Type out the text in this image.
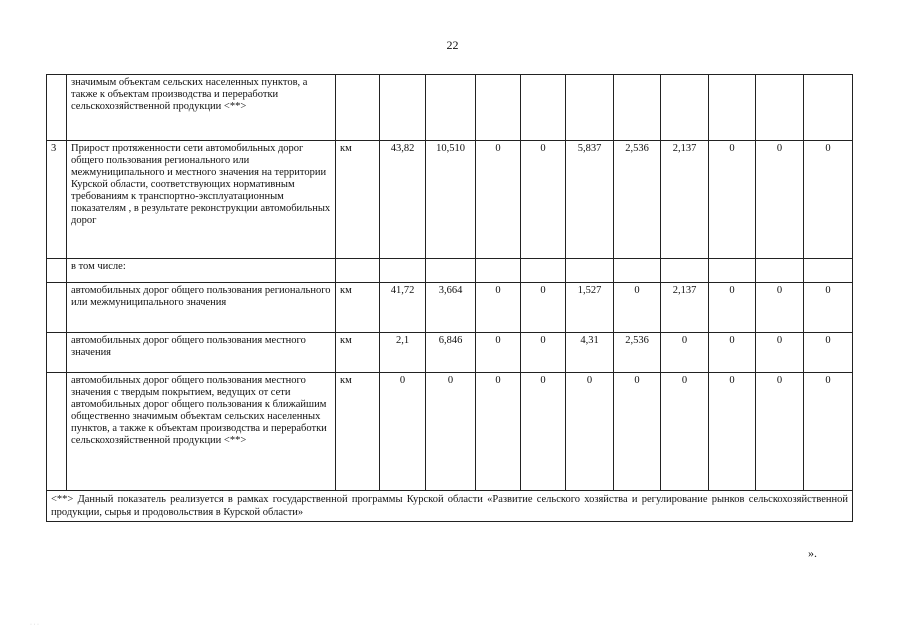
22
	значимым объектам сельских населенных пунктов, а также к объектам производства и переработки сельскохозяйственной продукции <**>											
3	Прирост протяженности сети автомобильных дорог общего пользования регионального или межмуниципального и местного значения на территории Курской области, соответствующих нормативным требованиям к транспортно-эксплуатационным показателям , в результате реконструкции автомобильных дорог	км	43,82	10,510	0	0	5,837	2,536	2,137	0	0	0
	в том числе:											
	автомобильных дорог общего пользования регионального или межмуниципального значения	км	41,72	3,664	0	0	1,527	0	2,137	0	0	0
	автомобильных дорог общего пользования местного значения	км	2,1	6,846	0	0	4,31	2,536	0	0	0	0
	автомобильных дорог общего пользования местного значения с твердым покрытием, ведущих от сети автомобильных дорог общего пользования к ближайшим общественно значимым объектам сельских населенных пунктов, а также к объектам производства и переработки сельскохозяйственной продукции <**>	км	0	0	0	0	0	0	0	0	0	0
<**> Данный показатель реализуется в рамках государственной программы Курской области «Развитие сельского хозяйства и регулирование рынков сельскохозяйственной продукции, сырья и продовольствия в Курской области»												
».
· · ·
